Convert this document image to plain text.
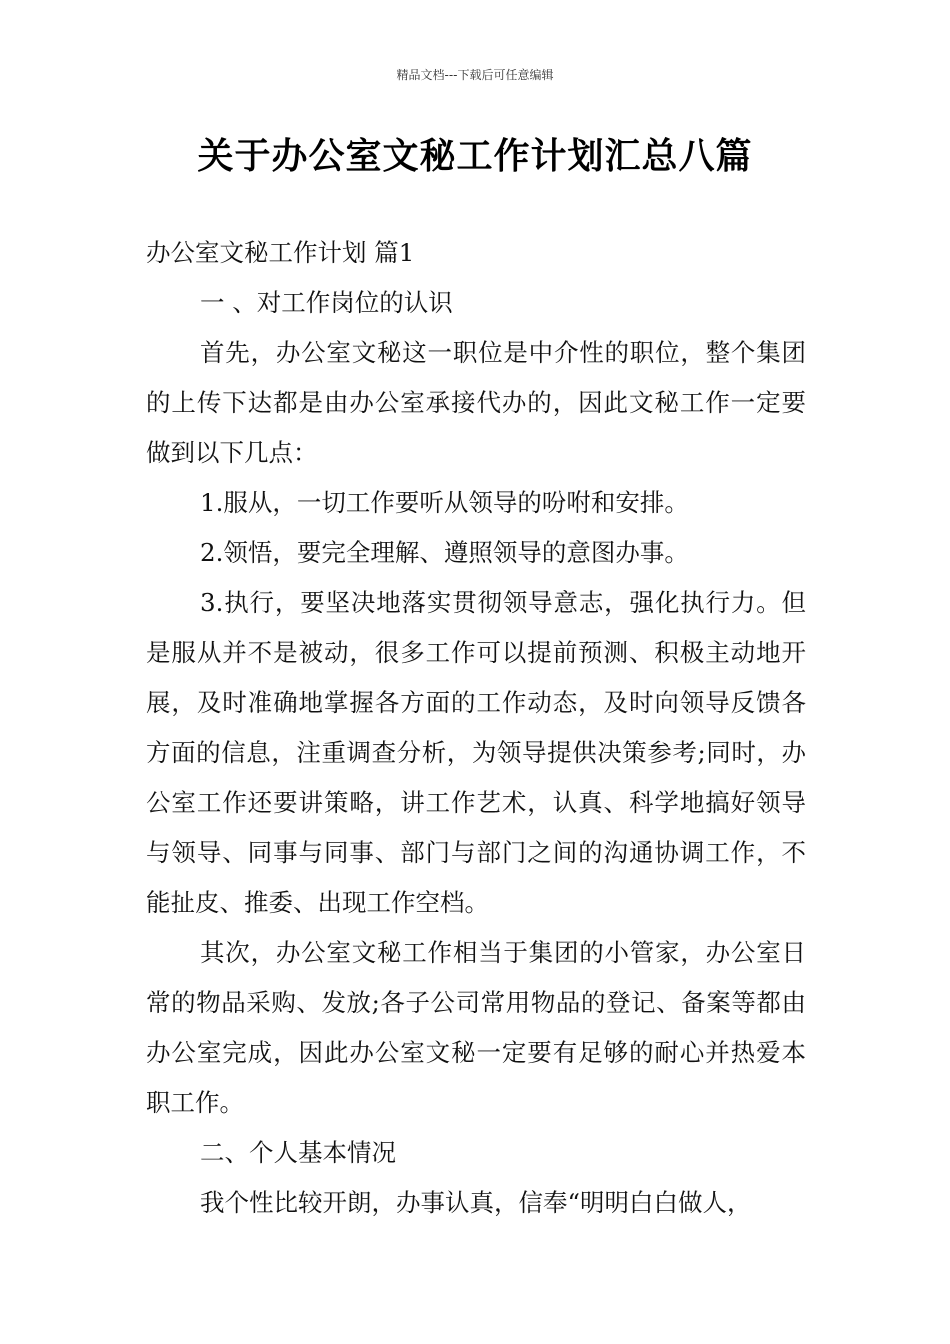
精品文档---下载后可任意编辑
关于办公室文秘工作计划汇总八篇

办公室文秘工作计划 篇1

一 、对工作岗位的认识

首先，办公室文秘这一职位是中介性的职位，整个集团的上传下达都是由办公室承接代办的，因此文秘工作一定要做到以下几点：

1.服从，一切工作要听从领导的吩咐和安排。

2.领悟，要完全理解、遵照领导的意图办事。

3.执行，要坚决地落实贯彻领导意志，强化执行力。但是服从并不是被动，很多工作可以提前预测、积极主动地开展，及时准确地掌握各方面的工作动态，及时向领导反馈各方面的信息，注重调查分析，为领导提供决策参考;同时，办公室工作还要讲策略，讲工作艺术，认真、科学地搞好领导与领导、同事与同事、部门与部门之间的沟通协调工作，不能扯皮、推委、出现工作空档。

其次，办公室文秘工作相当于集团的小管家，办公室日常的物品采购、发放;各子公司常用物品的登记、备案等都由办公室完成，因此办公室文秘一定要有足够的耐心并热爱本职工作。

二、个人基本情况

我个性比较开朗，办事认真，信奉“明明白白做人，
